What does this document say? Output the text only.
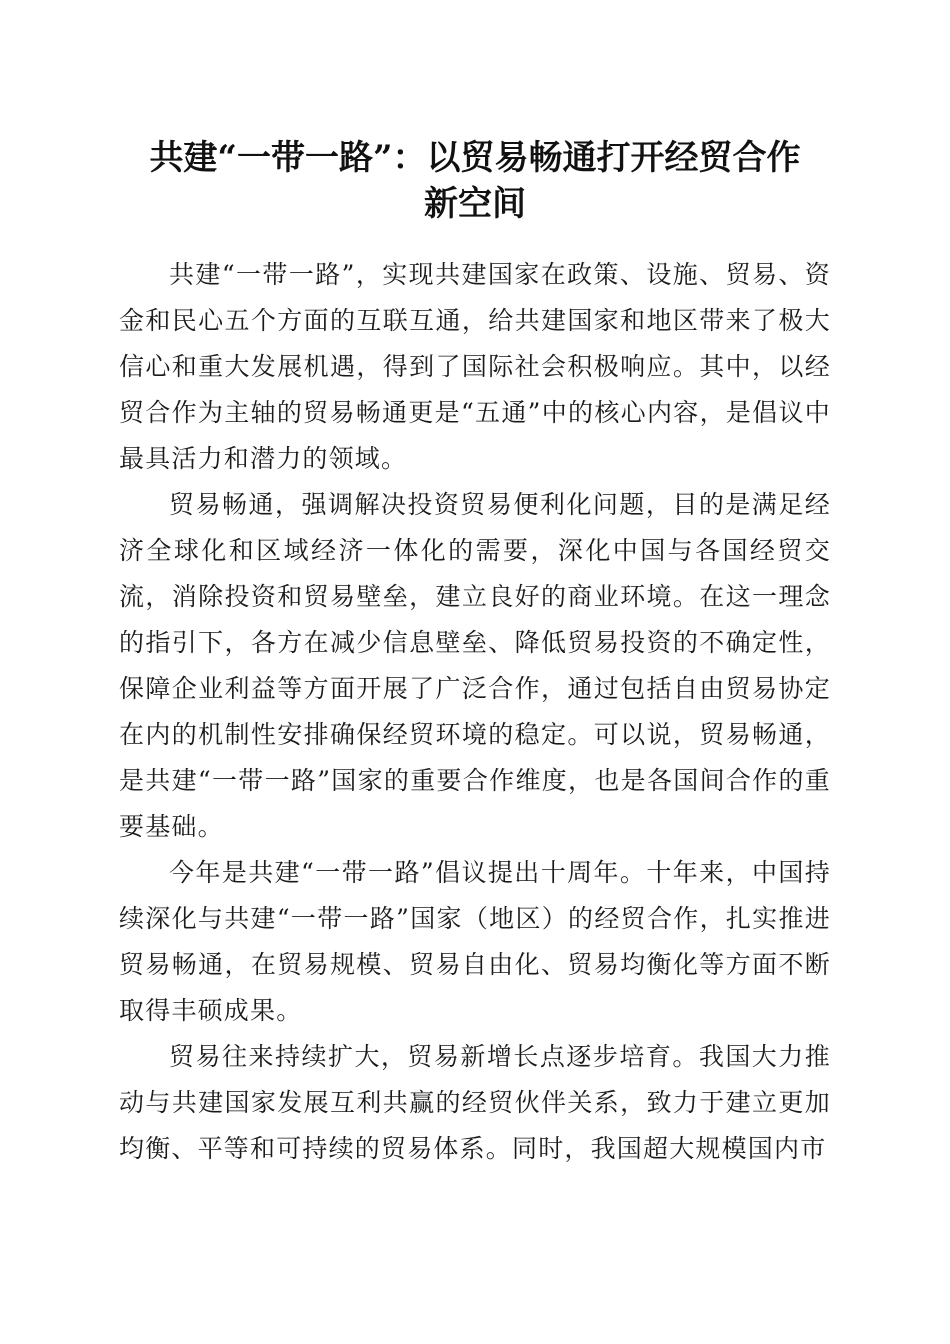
共建“一带一路”：以贸易畅通打开经贸合作
新空间

共建“一带一路”，实现共建国家在政策、设施、贸易、资金和民心五个方面的互联互通，给共建国家和地区带来了极大信心和重大发展机遇，得到了国际社会积极响应。其中，以经贸合作为主轴的贸易畅通更是“五通”中的核心内容，是倡议中最具活力和潜力的领域。

贸易畅通，强调解决投资贸易便利化问题，目的是满足经济全球化和区域经济一体化的需要，深化中国与各国经贸交流，消除投资和贸易壁垒，建立良好的商业环境。在这一理念的指引下，各方在减少信息壁垒、降低贸易投资的不确定性，保障企业利益等方面开展了广泛合作，通过包括自由贸易协定在内的机制性安排确保经贸环境的稳定。可以说，贸易畅通，是共建“一带一路”国家的重要合作维度，也是各国间合作的重要基础。

今年是共建“一带一路”倡议提出十周年。十年来，中国持续深化与共建“一带一路”国家（地区）的经贸合作，扎实推进贸易畅通，在贸易规模、贸易自由化、贸易均衡化等方面不断取得丰硕成果。

贸易往来持续扩大，贸易新增长点逐步培育。我国大力推动与共建国家发展互利共赢的经贸伙伴关系，致力于建立更加均衡、平等和可持续的贸易体系。同时，我国超大规模国内市
